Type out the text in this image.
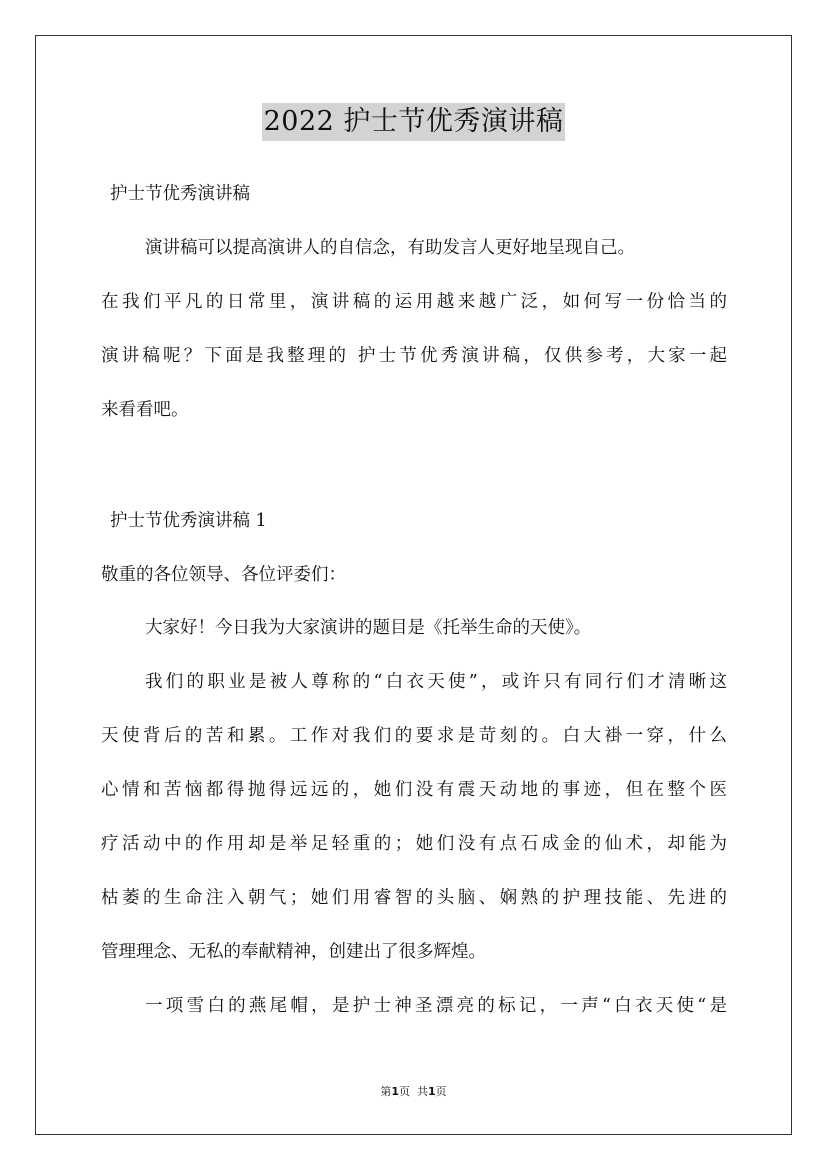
2022 护士节优秀演讲稿
护士节优秀演讲稿
演讲稿可以提高演讲人的自信念，有助发言人更好地呈现自己。
在我们平凡的日常里，演讲稿的运用越来越广泛，如何写一份恰当的
演讲稿呢？下面是我整理的 护士节优秀演讲稿，仅供参考，大家一起
来看看吧。
护士节优秀演讲稿 1
敬重的各位领导、各位评委们：
大家好！今日我为大家演讲的题目是《托举生命的天使》。
我们的职业是被人尊称的“白衣天使”，或许只有同行们才清晰这
天使背后的苦和累。工作对我们的要求是苛刻的。白大褂一穿，什么
心情和苦恼都得抛得远远的，她们没有震天动地的事迹，但在整个医
疗活动中的作用却是举足轻重的；她们没有点石成金的仙术，却能为
枯萎的生命注入朝气；她们用睿智的头脑、娴熟的护理技能、先进的
管理理念、无私的奉献精神，创建出了很多辉煌。
一项雪白的燕尾帽，是护士神圣漂亮的标记，一声“白衣天使“是
第1页 共1页
